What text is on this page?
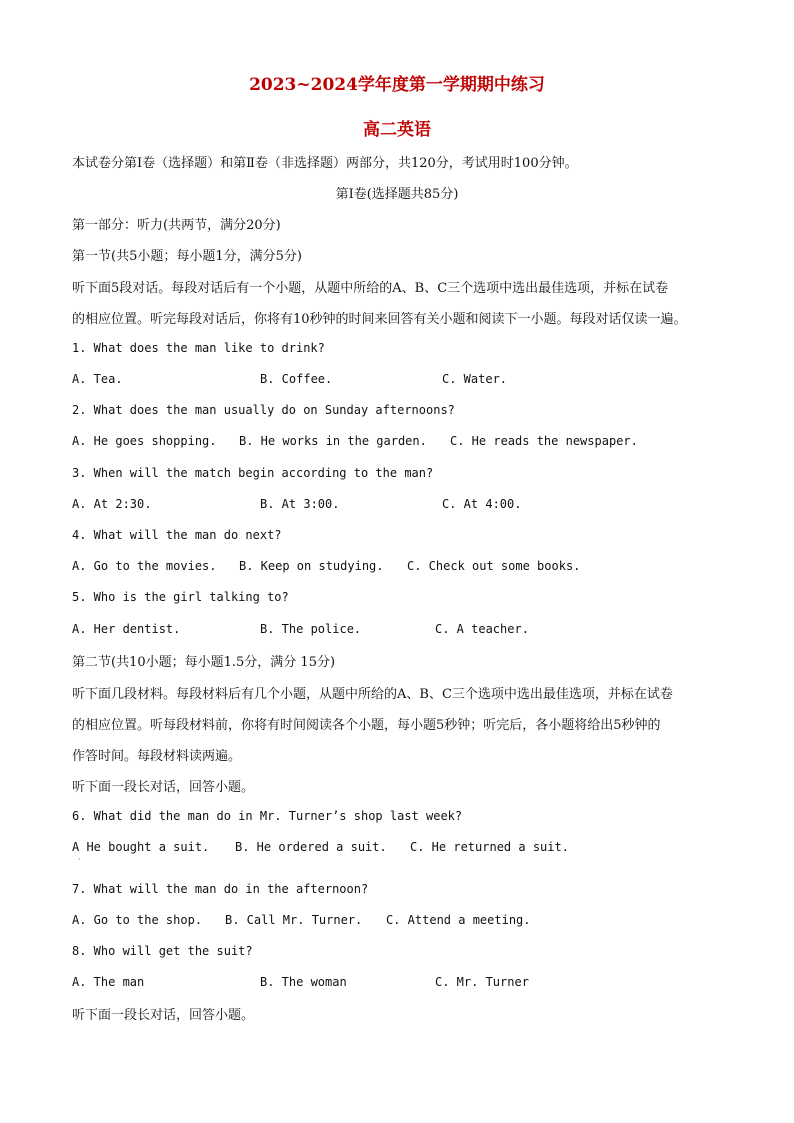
2023~2024学年度第一学期期中练习
高二英语
本试卷分第Ⅰ卷（选择题）和第Ⅱ卷（非选择题）两部分，共120分，考试用时100分钟。
第Ⅰ卷(选择题共85分)
第一部分：听力(共两节，满分20分)
第一节(共5小题；每小题1分，满分5分)
听下面5段对话。每段对话后有一个小题，从题中所给的A、B、C三个选项中选出最佳选项，并标在试卷
的相应位置。听完每段对话后，你将有10秒钟的时间来回答有关小题和阅读下一小题。每段对话仅读一遍。
1. What does the man like to drink?
A. Tea.	B. Coffee.	C. Water.
2. What does the man usually do on Sunday afternoons?
A. He goes shopping. B. He works in the garden. C. He reads the newspaper.
3. When will the match begin according to the man?
A. At 2:30.	B. At 3:00.	C. At 4:00.
4. What will the man do next?
A. Go to the movies. B. Keep on studying. C. Check out some books.
5. Who is the girl talking to?
A. Her dentist.	B. The police.	C. A teacher.
第二节(共10小题；每小题1.5分，满分 15分)
听下面几段材料。每段材料后有几个小题，从题中所给的A、B、C三个选项中选出最佳选项，并标在试卷
的相应位置。听每段材料前，你将有时间阅读各个小题，每小题5秒钟；听完后，各小题将给出5秒钟的
作答时间。每段材料读两遍。
听下面一段长对话，回答小题。
6. What did the man do in Mr. Turner’s shop last week?
A He bought a suit. B. He ordered a suit. C. He returned a suit.
·
7. What will the man do in the afternoon?
A. Go to the shop. B. Call Mr. Turner. C. Attend a meeting.
8. Who will get the suit?
A. The man	B. The woman	C. Mr. Turner
听下面一段长对话，回答小题。
